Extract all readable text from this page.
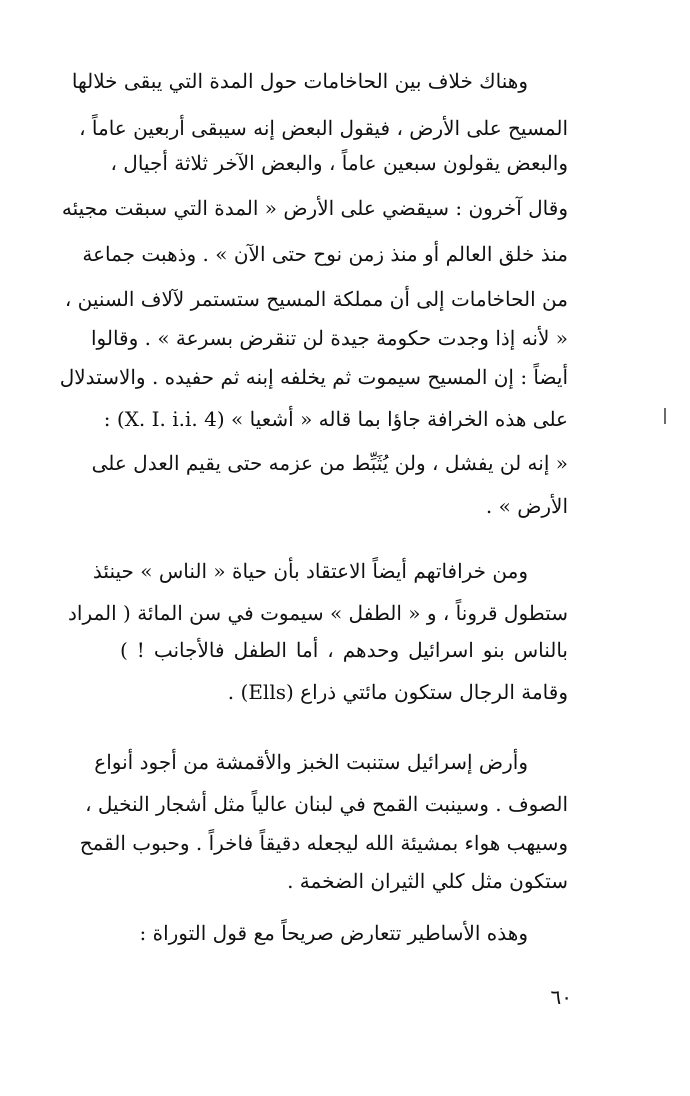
وهناك خلاف بين الحاخامات حول المدة التي يبقى خلالها
المسيح على الأرض ، فيقول البعض إنه سيبقى أربعين عاماً ،
والبعض يقولون سبعين عاماً ، والبعض الآخر ثلاثة أجيال ،
وقال آخرون : سيقضي على الأرض « المدة التي سبقت مجيئه
منذ خلق العالم أو منذ زمن نوح حتى الآن » . وذهبت جماعة
من الحاخامات إلى أن مملكة المسيح ستستمر لآلاف السنين ،
« لأنه إذا وجدت حكومة جيدة لن تنقرض بسرعة » . وقالوا
أيضاً : إن المسيح سيموت ثم يخلفه إبنه ثم حفيده . والاستدلال
على هذه الخرافة جاؤا بما قاله « أشعيا » (X. I. i.i. 4) :
« إنه لن يفشل ، ولن يُثَبِّط من عزمه حتى يقيم العدل على
الأرض » .
ومن خرافاتهم أيضاً الاعتقاد بأن حياة « الناس » حينئذ
ستطول قروناً ، و « الطفل » سيموت في سن المائة ( المراد
بالناس بنو اسرائيل وحدهم ، أما الطفل فالأجانب ! )
وقامة الرجال ستكون مائتي ذراع (Ells) .
وأرض إسرائيل ستنبت الخبز والأقمشة من أجود أنواع
الصوف . وسينبت القمح في لبنان عالياً مثل أشجار النخيل ،
وسيهب هواء بمشيئة الله ليجعله دقيقاً فاخراً . وحبوب القمح
ستكون مثل كلي الثيران الضخمة .
وهذه الأساطير تتعارض صريحاً مع قول التوراة :
٦٠
